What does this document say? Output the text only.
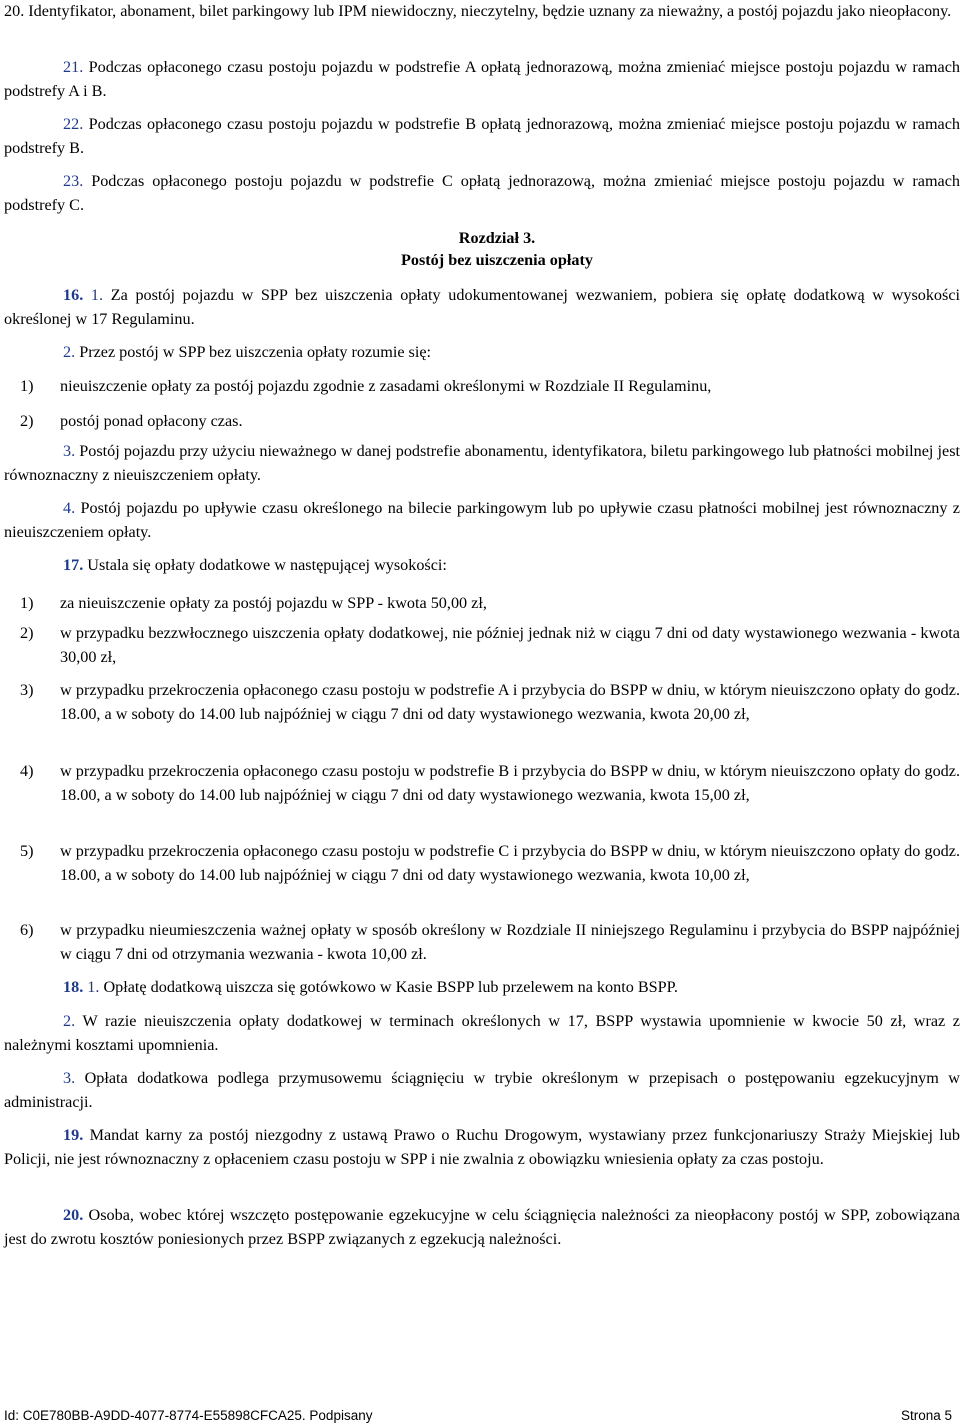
20. Identyfikator, abonament, bilet parkingowy lub IPM niewidoczny, nieczytelny, będzie uznany za nieważny, a postój pojazdu jako nieopłacony.

21. Podczas opłaconego czasu postoju pojazdu w podstrefie A opłatą jednorazową, można zmieniać miejsce postoju pojazdu w ramach podstrefy A i B.

22. Podczas opłaconego czasu postoju pojazdu w podstrefie B opłatą jednorazową, można zmieniać miejsce postoju pojazdu w ramach podstrefy B.

23. Podczas opłaconego postoju pojazdu w podstrefie C opłatą jednorazową, można zmieniać miejsce postoju pojazdu w ramach podstrefy C.

Rozdział 3.

Postój bez uiszczenia opłaty

16. 1. Za postój pojazdu w SPP bez uiszczenia opłaty udokumentowanej wezwaniem, pobiera się opłatę dodatkową w wysokości określonej w 17 Regulaminu.

2. Przez postój w SPP bez uiszczenia opłaty rozumie się:

1)	nieuiszczenie opłaty za postój pojazdu zgodnie z zasadami określonymi w Rozdziale II Regulaminu,
2)	postój ponad opłacony czas.

3. Postój pojazdu przy użyciu nieważnego w danej podstrefie abonamentu, identyfikatora, biletu parkingowego lub płatności mobilnej jest równoznaczny z nieuiszczeniem opłaty.

4. Postój pojazdu po upływie czasu określonego na bilecie parkingowym lub po upływie czasu płatności mobilnej jest równoznaczny z nieuiszczeniem opłaty.

17. Ustala się opłaty dodatkowe w następującej wysokości:

1)	za nieuiszczenie opłaty za postój pojazdu w SPP - kwota 50,00 zł,
2)	w przypadku bezzwłocznego uiszczenia opłaty dodatkowej, nie później jednak niż w ciągu 7 dni od daty wystawionego wezwania - kwota 30,00 zł,
3)	w przypadku przekroczenia opłaconego czasu postoju w podstrefie A i przybycia do BSPP w dniu, w którym nieuiszczono opłaty do godz. 18.00, a w soboty do 14.00 lub najpóźniej w ciągu 7 dni od daty wystawionego wezwania, kwota 20,00 zł,
4)	w przypadku przekroczenia opłaconego czasu postoju w podstrefie B i przybycia do BSPP w dniu, w którym nieuiszczono opłaty do godz. 18.00, a w soboty do 14.00 lub najpóźniej w ciągu 7 dni od daty wystawionego wezwania, kwota 15,00 zł,
5)	w przypadku przekroczenia opłaconego czasu postoju w podstrefie C i przybycia do BSPP w dniu, w którym nieuiszczono opłaty do godz. 18.00, a w soboty do 14.00 lub najpóźniej w ciągu 7 dni od daty wystawionego wezwania, kwota 10,00 zł,
6)	w przypadku nieumieszczenia ważnej opłaty w sposób określony w Rozdziale II niniejszego Regulaminu i przybycia do BSPP najpóźniej w ciągu 7 dni od otrzymania wezwania - kwota 10,00 zł.

18. 1. Opłatę dodatkową uiszcza się gotówkowo w Kasie BSPP lub przelewem na konto BSPP.

2. W razie nieuiszczenia opłaty dodatkowej w terminach określonych w 17, BSPP wystawia upomnienie w kwocie 50 zł, wraz z należnymi kosztami upomnienia.

3. Opłata dodatkowa podlega przymusowemu ściągnięciu w trybie określonym w przepisach o postępowaniu egzekucyjnym w administracji.

19. Mandat karny za postój niezgodny z ustawą Prawo o Ruchu Drogowym, wystawiany przez funkcjonariuszy Straży Miejskiej lub Policji, nie jest równoznaczny z opłaceniem czasu postoju w SPP i nie zwalnia z obowiązku wniesienia opłaty za czas postoju.

20. Osoba, wobec której wszczęto postępowanie egzekucyjne w celu ściągnięcia należności za nieopłacony postój w SPP, zobowiązana jest do zwrotu kosztów poniesionych przez BSPP związanych z egzekucją należności.

Id: C0E780BB-A9DD-4077-8774-E55898CFCA25. Podpisany	Strona 5
